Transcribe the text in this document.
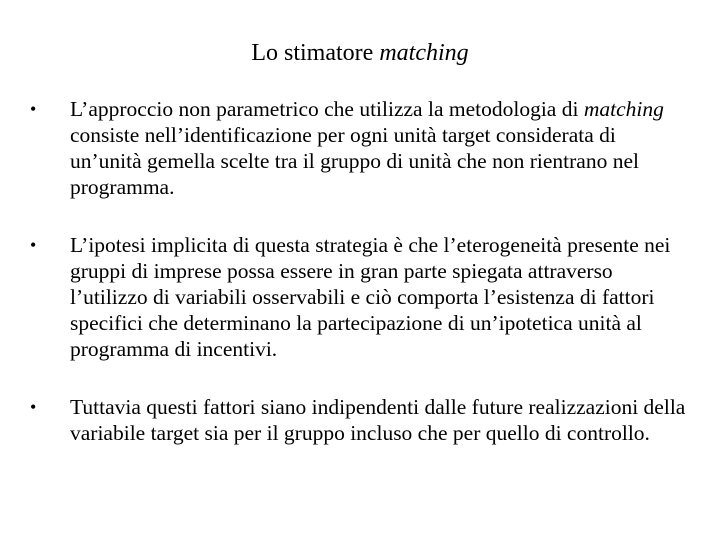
Lo stimatore matching
•	L’approccio non parametrico che utilizza la metodologia di matching consiste nell’identificazione per ogni unità target considerata di un’unità gemella scelte tra il gruppo di unità che non rientrano nel programma.
•	L’ipotesi implicita di questa strategia è che l’eterogeneità presente nei gruppi di imprese possa essere in gran parte spiegata attraverso l’utilizzo di variabili osservabili e ciò comporta l’esistenza di fattori specifici che determinano la partecipazione di un’ipotetica unità al programma di incentivi.
•	Tuttavia questi fattori siano indipendenti dalle future realizzazioni della variabile target sia per il gruppo incluso che per quello di controllo.
